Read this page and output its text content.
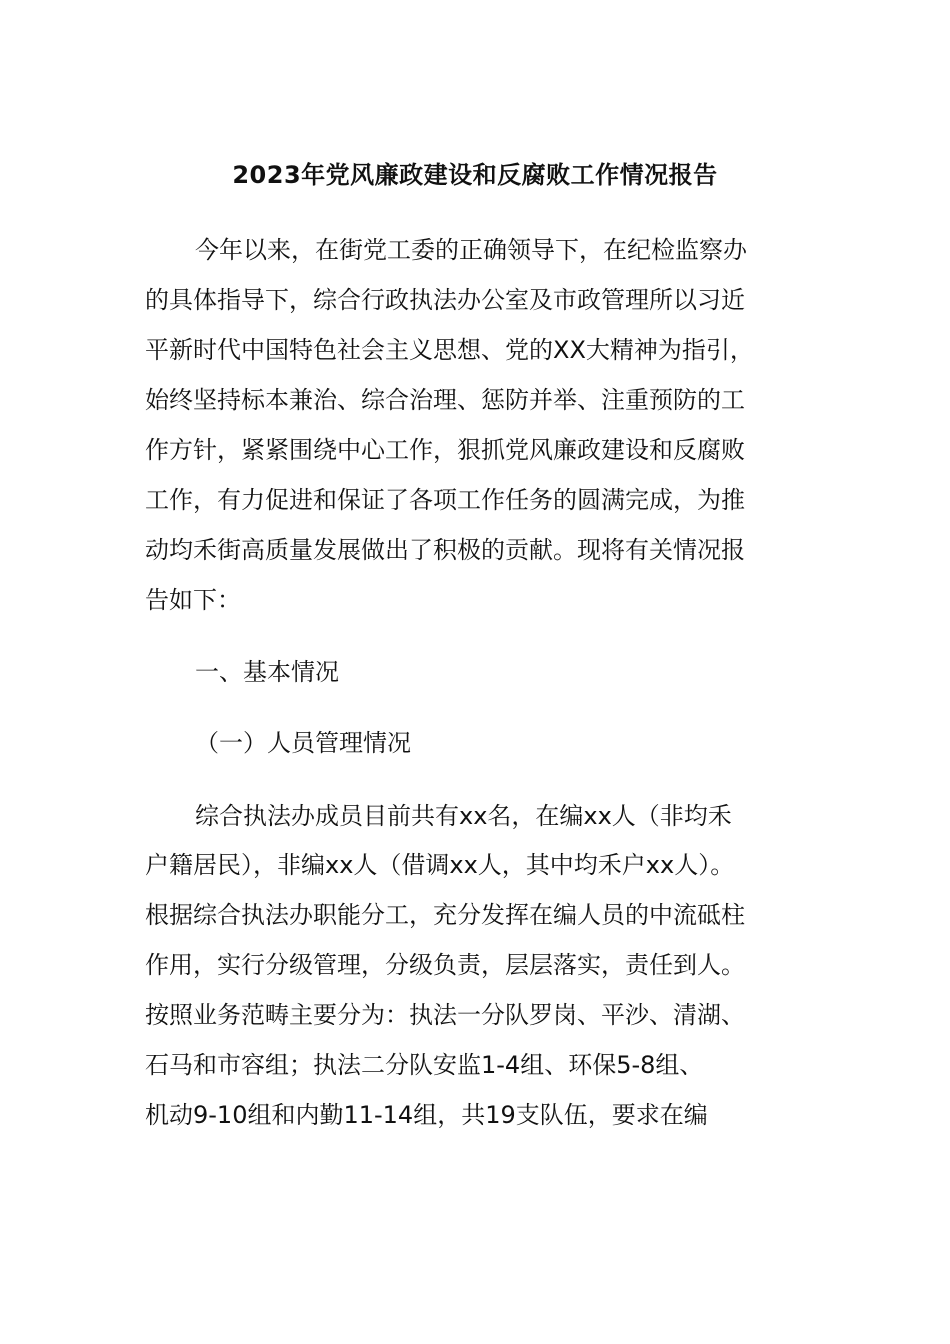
2023年党风廉政建设和反腐败工作情况报告
今年以来，在街党工委的正确领导下，在纪检监察办
的具体指导下，综合行政执法办公室及市政管理所以习近
平新时代中国特色社会主义思想、党的XX大精神为指引，
始终坚持标本兼治、综合治理、惩防并举、注重预防的工
作方针，紧紧围绕中心工作，狠抓党风廉政建设和反腐败
工作，有力促进和保证了各项工作任务的圆满完成，为推
动均禾街高质量发展做出了积极的贡献。现将有关情况报
告如下：
一、基本情况
（一）人员管理情况
综合执法办成员目前共有xx名，在编xx人（非均禾
户籍居民），非编xx人（借调xx人，其中均禾户xx人）。
根据综合执法办职能分工，充分发挥在编人员的中流砥柱
作用，实行分级管理，分级负责，层层落实，责任到人。
按照业务范畴主要分为：执法一分队罗岗、平沙、清湖、
石马和市容组；执法二分队安监1-4组、环保5-8组、
机动9-10组和内勤11-14组，共19支队伍，要求在编
